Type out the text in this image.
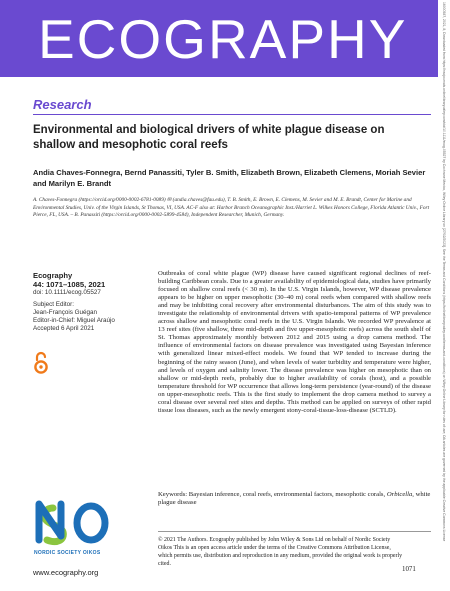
ECOGRAPHY	16000587, 2021, 8, Downloaded from https://nsojournals.onlinelibrary.wiley.com/doi/10.1111/ecog.05527 by Cochrane Mexico, Wiley Online Library on [27/02/2023]. See the Terms and Conditions (https://onlinelibrary.wiley.com/terms-and-conditions) on Wiley Online Library for rules of use; OA articles are governed by the applicable Creative Commons License
Research
Environmental and biological drivers of white plague disease on shallow and mesophotic coral reefs
Andia Chaves-Fonnegra, Bernd Panassiti, Tyler B. Smith, Elizabeth Brown, Elizabeth Clemens, Moriah Sevier and Marilyn E. Brandt
A. Chaves-Fonnegra (https://orcid.org/0000-0002-6781-0089) ✉ (andia.chaves@fau.edu), T. B. Smith, E. Brown, E. Clemens, M. Sevier and M. E. Brandt, Center for Marine and Environmental Studies, Univ. of the Virgin Islands, St Thomas, VI, USA. AC-F also at: Harbor Branch Oceanographic Inst./Harriet L. Wilkes Honors College, Florida Atlantic Univ., Fort Pierce, FL, USA. – B. Panassiti (https://orcid.org/0000-0002-5899-4584), Independent Researcher, Munich, Germany.
Ecography
44: 1071–1085, 2021
doi: 10.1111/ecog.05527
Subject Editor:
Jean-François Guégan
Editor-in-Chief: Miguel Araújo
Accepted 6 April 2021
Outbreaks of coral white plague (WP) disease have caused significant regional declines of reef-building Caribbean corals. Due to a greater availability of epidemiological data, studies have primarily focused on shallow coral reefs (< 30 m). In the U.S. Virgin Islands, however, WP disease prevalence appears to be higher on upper mesophotic (30–40 m) coral reefs when compared with shallow reefs and may be inhibiting coral recovery after environmental disturbances. The aim of this study was to investigate the relationship of environmental drivers with spatio-temporal patterns of WP prevalence across shallow and mesophotic coral reefs in the U.S. Virgin Islands. We recorded WP prevalence at 13 reef sites (five shallow, three mid-depth and five upper-mesophotic reefs) across the south shelf of St. Thomas approximately monthly between 2012 and 2015 using a drop camera method. The influence of environmental factors on disease prevalence was investigated using Bayesian inference with generalized linear mixed-effect models. We found that WP tended to increase during the beginning of the rainy season (June), and when levels of water turbidity and temperature were higher, and levels of oxygen and salinity lower. The disease prevalence was higher on mesophotic than on shallow or mid-depth reefs, probably due to higher availability of corals (host), and a possible temperature threshold for WP occurrence that allows long-term persistence (year-round) of the disease on upper-mesophotic reefs. This is the first study to implement the drop camera method to survey a coral disease over several reef sites and depths. This method can be applied on surveys of other rapid tissue loss diseases, such as the newly emergent stony-coral-tissue-loss-disease (SCTLD).
Keywords: Bayesian inference, coral reefs, environmental factors, mesophotic corals, Orbicella, white plague disease
NSO
NORDIC SOCIETY OIKOS
www.ecography.org
© 2021 The Authors. Ecography published by John Wiley & Sons Ltd on behalf of Nordic Society Oikos This is an open access article under the terms of the Creative Commons Attribution License, which permits use, distribution and reproduction in any medium, provided the original work is properly cited.
1071
